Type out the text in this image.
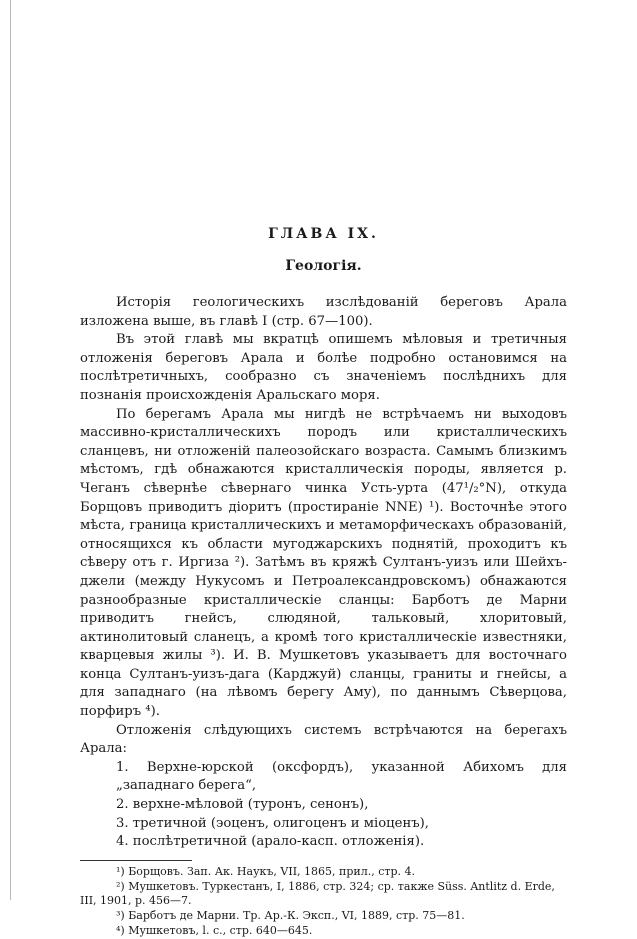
ГЛАВА IX.
Геологiя.

Исторiя геологическихъ изслѣдованiй береговъ Арала изложена выше, въ главѣ I (стр. 67—100).

Въ этой главѣ мы вкратцѣ опишемъ мѣловыя и третичныя отложенiя береговъ Арала и болѣе подробно остановимся на послѣтретичныхъ, сообразно съ значенiемъ послѣднихъ для познанiя происхожденiя Аральскаго моря.

По берегамъ Арала мы нигдѣ не встрѣчаемъ ни выходовъ массивно-кристаллическихъ породъ или кристаллическихъ сланцевъ, ни отложенiй палеозойскаго возраста. Самымъ близкимъ мѣстомъ, гдѣ обнажаются кристаллическiя породы, является р. Чеганъ сѣвернѣе сѣвернаго чинка Усть-урта (47¹/₂°N), откуда Борщовъ приводитъ дiоритъ (простиранiе NNE) ¹). Восточнѣе этого мѣста, граница кристаллическихъ и метаморфическахъ образованiй, относящихся къ области мугоджарскихъ поднятiй, проходитъ къ сѣверу отъ г. Иргиза ²). Затѣмъ въ кряжѣ Султанъ-уизъ или Шейхъ-джели (между Нукусомъ и Петроалександровскомъ) обнажаются разнообразные кристаллическiе сланцы: Барботъ де Марни приводитъ гнейсъ, слюдяной, тальковый, хлоритовый, актинолитовый сланецъ, а кромѣ того кристаллическiе известняки, кварцевыя жилы ³). И. В. Мушкетовъ указываетъ для восточнаго конца Султанъ-уизъ-дага (Карджуй) сланцы, граниты и гнейсы, а для западнаго (на лѣвомъ берегу Аму), по даннымъ Сѣверцова, порфиръ ⁴).

Отложенiя слѣдующихъ системъ встрѣчаются на берегахъ Арала:

1. Верхне-юрской (оксфордъ), указанной Абихомъ для „западнаго берега“,

2. верхне-мѣловой (туронъ, сенонъ),

3. третичной (эоценъ, олигоценъ и мiоценъ),

4. послѣтретичной (арало-касп. отложенiя).

¹) Борщовъ. Зап. Ак. Наукъ, VII, 1865, прил., стр. 4.

²) Мушкетовъ. Туркестанъ, I, 1886, стр. 324; ср. также Süss. Antlitz d. Erde, III, 1901, р. 456—7.

³) Барботъ де Марни. Тр. Ар.-К. Эксп., VI, 1889, стр. 75—81.

⁴) Мушкетовъ, l. c., стр. 640—645.
